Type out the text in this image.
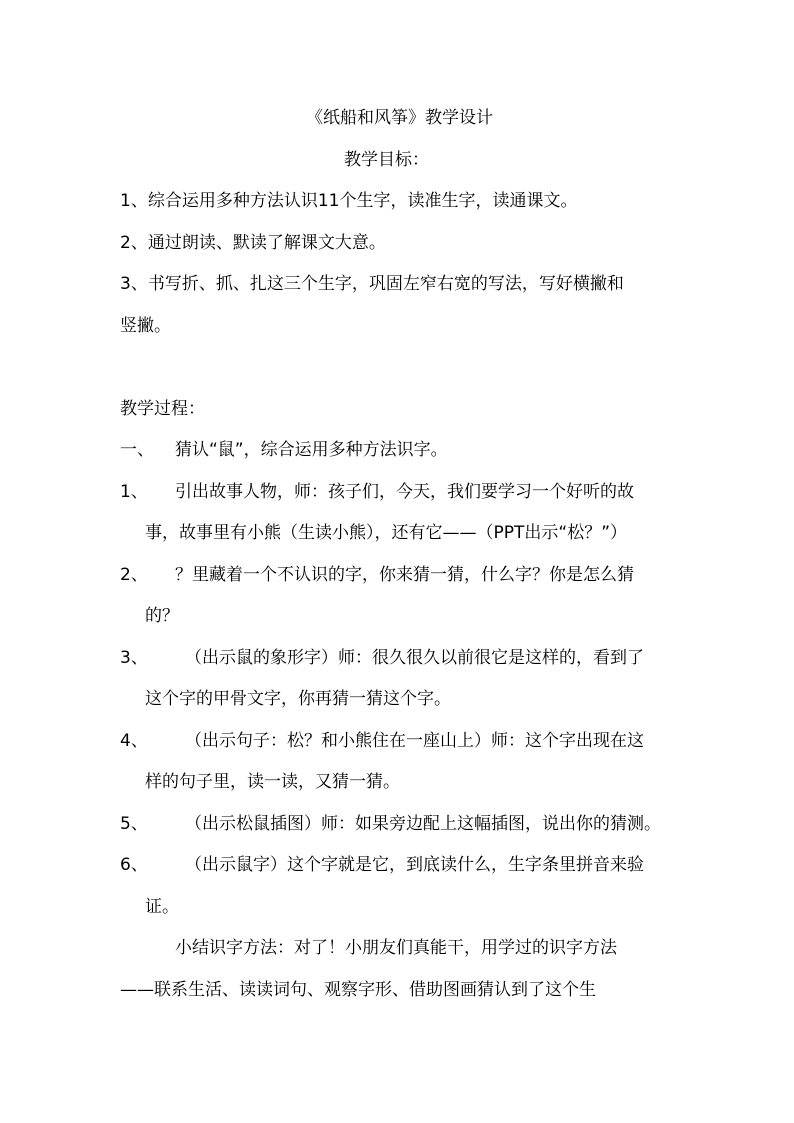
《纸船和风筝》教学设计
教学目标：
1、综合运用多种方法认识11个生字，读准生字，读通课文。
2、通过朗读、默读了解课文大意。
3、书写折、抓、扎这三个生字，巩固左窄右宽的写法，写好横撇和
竖撇。
教学过程：
一、 猜认“鼠”，综合运用多种方法识字。
1、 引出故事人物，师：孩子们，今天，我们要学习一个好听的故
事，故事里有小熊（生读小熊），还有它——（PPT出示“松？”）
2、 ？里藏着一个不认识的字，你来猜一猜，什么字？你是怎么猜
的？
3、 （出示鼠的象形字）师：很久很久以前很它是这样的，看到了
这个字的甲骨文字，你再猜一猜这个字。
4、 （出示句子：松？和小熊住在一座山上）师：这个字出现在这
样的句子里，读一读，又猜一猜。
5、 （出示松鼠插图）师：如果旁边配上这幅插图，说出你的猜测。
6、 （出示鼠字）这个字就是它，到底读什么，生字条里拼音来验
证。
小结识字方法：对了！小朋友们真能干，用学过的识字方法
——联系生活、读读词句、观察字形、借助图画猜认到了这个生
